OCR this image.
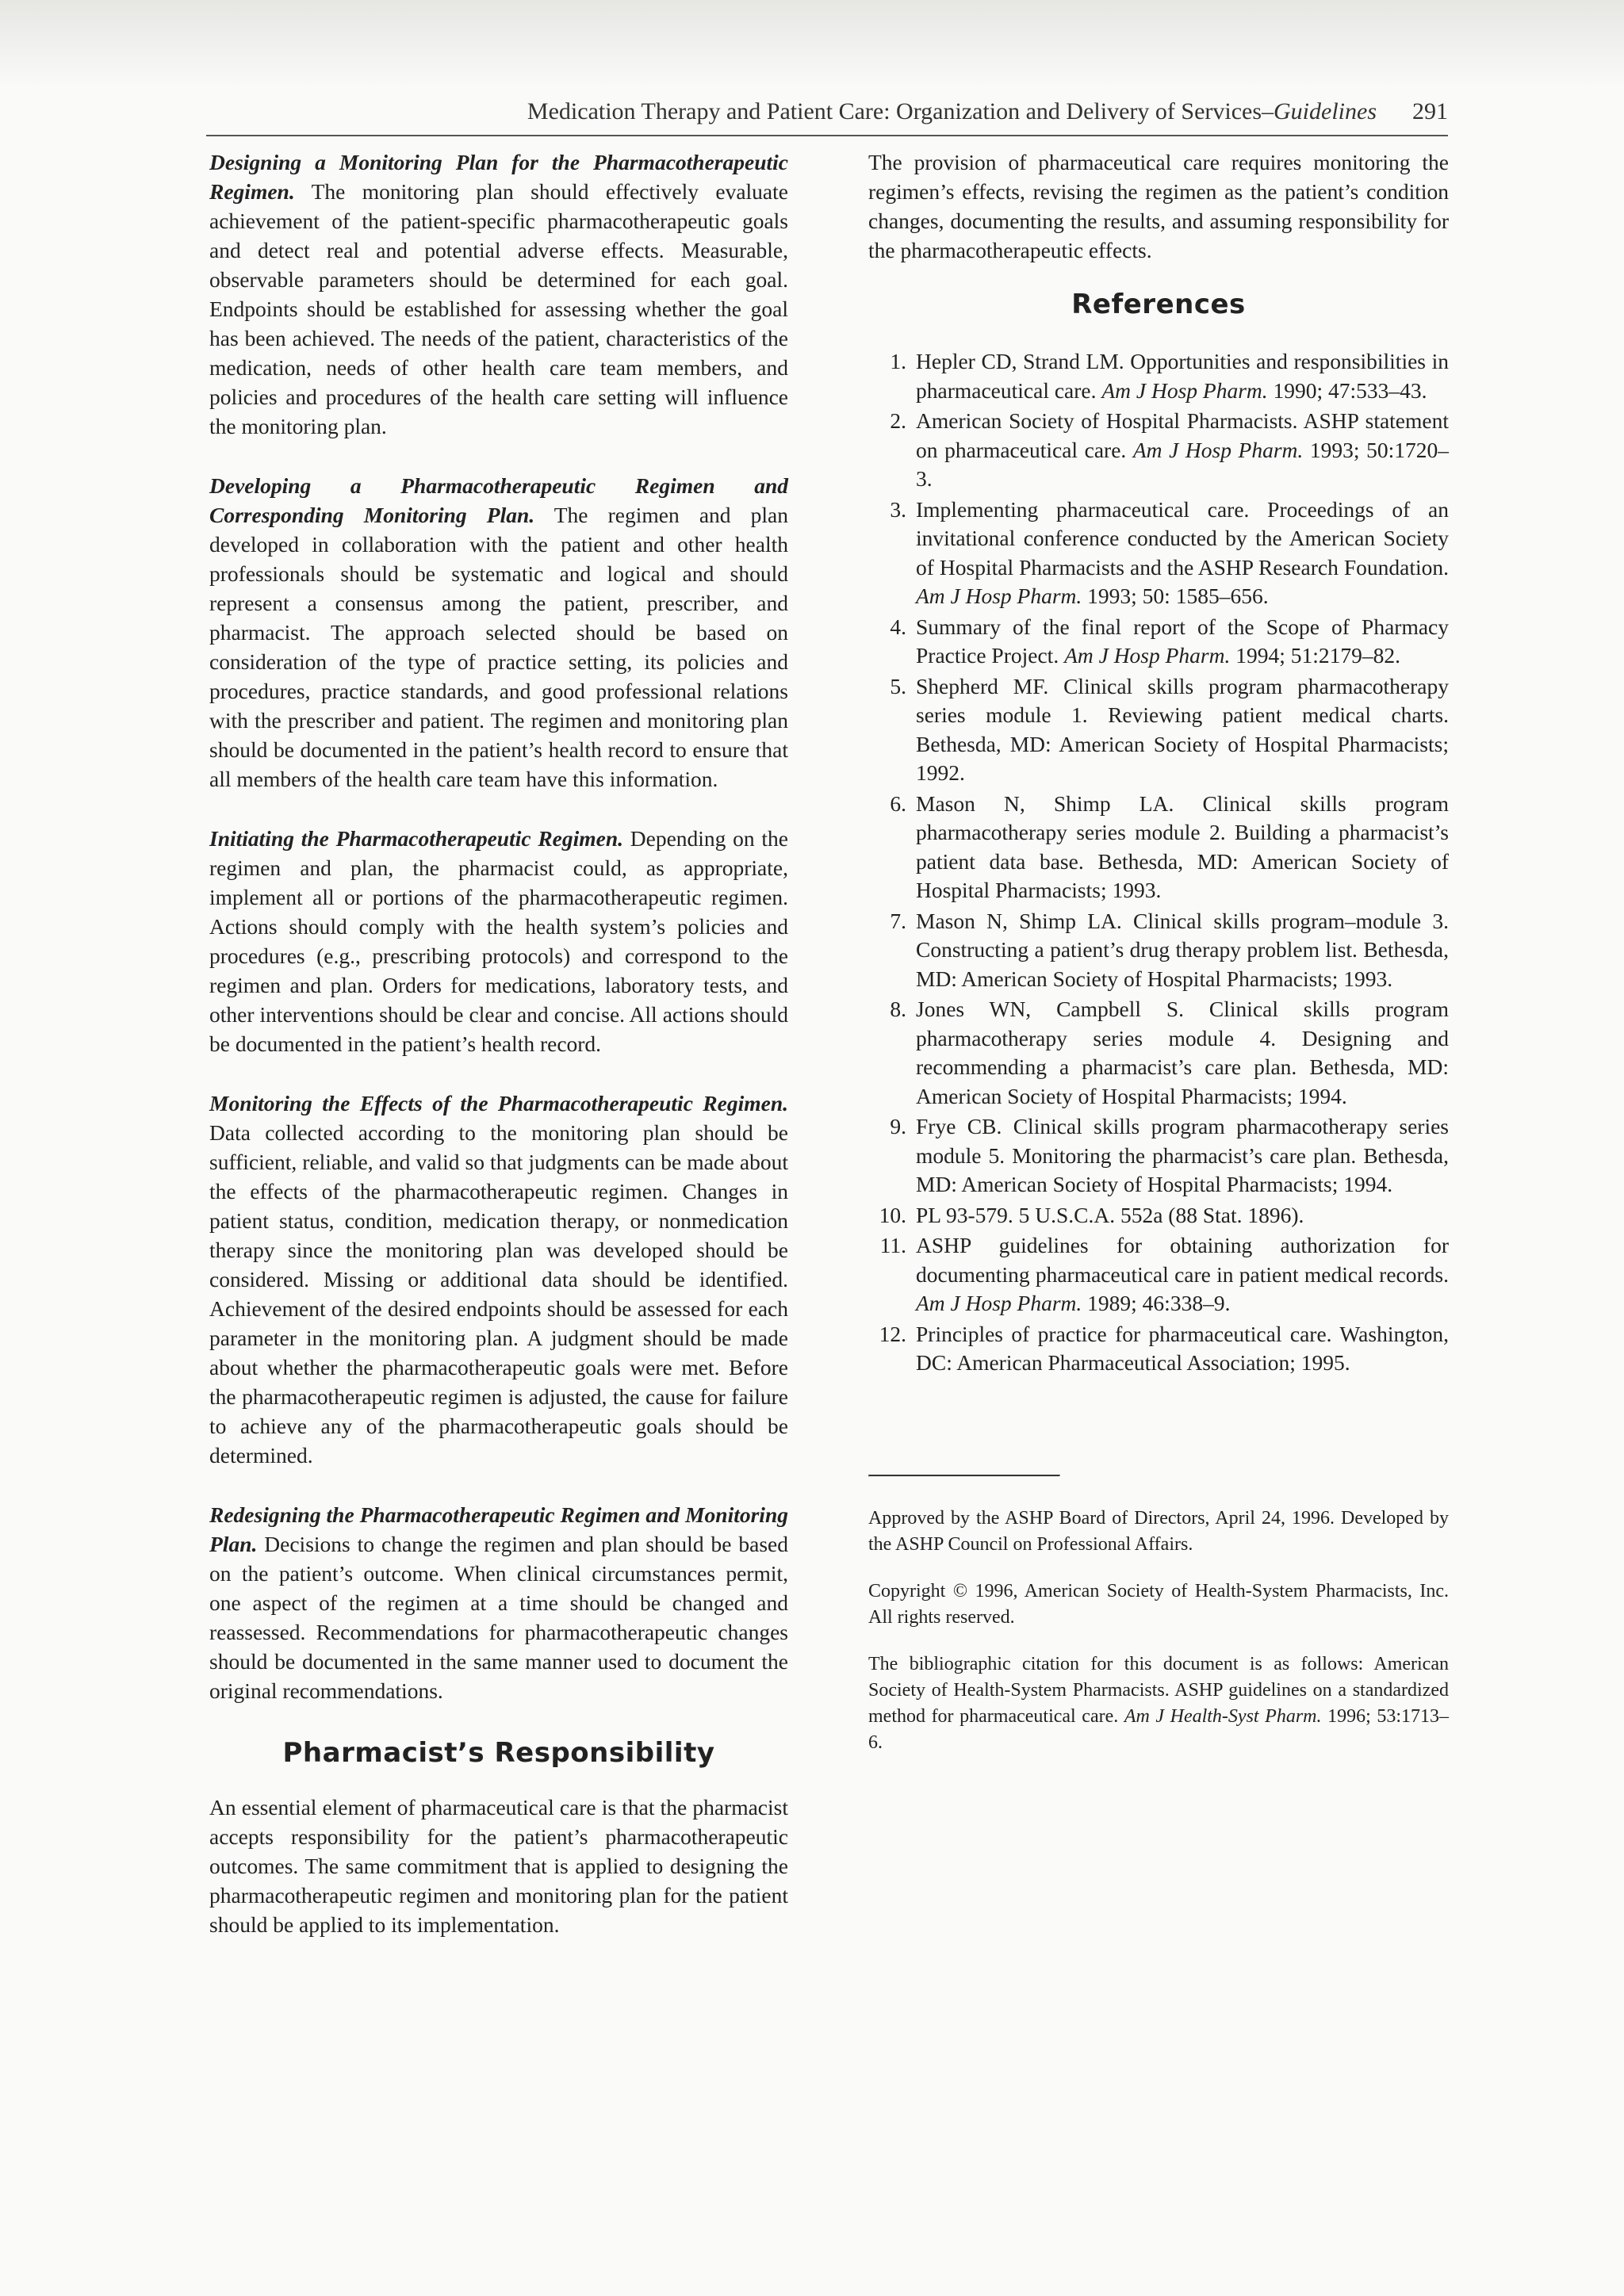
Medication Therapy and Patient Care: Organization and Delivery of Services–Guidelines 291

Designing a Monitoring Plan for the Pharmacotherapeutic Regimen. The monitoring plan should effectively evaluate achievement of the patient-specific pharmacotherapeutic goals and detect real and potential adverse effects. Measurable, observable parameters should be determined for each goal. Endpoints should be established for assessing whether the goal has been achieved. The needs of the patient, characteristics of the medication, needs of other health care team members, and policies and procedures of the health care setting will influence the monitoring plan.

Developing a Pharmacotherapeutic Regimen and Corresponding Monitoring Plan. The regimen and plan developed in collaboration with the patient and other health professionals should be systematic and logical and should represent a consensus among the patient, prescriber, and pharmacist. The approach selected should be based on consideration of the type of practice setting, its policies and procedures, practice standards, and good professional relations with the prescriber and patient. The regimen and monitoring plan should be documented in the patient’s health record to ensure that all members of the health care team have this information.

Initiating the Pharmacotherapeutic Regimen. Depending on the regimen and plan, the pharmacist could, as appropriate, implement all or portions of the pharmacotherapeutic regimen. Actions should comply with the health system’s policies and procedures (e.g., prescribing protocols) and correspond to the regimen and plan. Orders for medications, laboratory tests, and other interventions should be clear and concise. All actions should be documented in the patient’s health record.

Monitoring the Effects of the Pharmacotherapeutic Regimen. Data collected according to the monitoring plan should be sufficient, reliable, and valid so that judgments can be made about the effects of the pharmacotherapeutic regimen. Changes in patient status, condition, medication therapy, or nonmedication therapy since the monitoring plan was developed should be considered. Missing or additional data should be identified. Achievement of the desired endpoints should be assessed for each parameter in the monitoring plan. A judgment should be made about whether the pharmacotherapeutic goals were met. Before the pharmacotherapeutic regimen is adjusted, the cause for failure to achieve any of the pharmacotherapeutic goals should be determined.

Redesigning the Pharmacotherapeutic Regimen and Monitoring Plan. Decisions to change the regimen and plan should be based on the patient’s outcome. When clinical circumstances permit, one aspect of the regimen at a time should be changed and reassessed. Recommendations for pharmacotherapeutic changes should be documented in the same manner used to document the original recommendations.

Pharmacist’s Responsibility

An essential element of pharmaceutical care is that the pharmacist accepts responsibility for the patient’s pharmacotherapeutic outcomes. The same commitment that is applied to designing the pharmacotherapeutic regimen and monitoring plan for the patient should be applied to its implementation.

The provision of pharmaceutical care requires monitoring the regimen’s effects, revising the regimen as the patient’s condition changes, documenting the results, and assuming responsibility for the pharmacotherapeutic effects.

References
1. Hepler CD, Strand LM. Opportunities and responsibilities in pharmaceutical care. Am J Hosp Pharm. 1990; 47:533–43.
2. American Society of Hospital Pharmacists. ASHP statement on pharmaceutical care. Am J Hosp Pharm. 1993; 50:1720–3.
3. Implementing pharmaceutical care. Proceedings of an invitational conference conducted by the American Society of Hospital Pharmacists and the ASHP Research Foundation. Am J Hosp Pharm. 1993; 50: 1585–656.
4. Summary of the final report of the Scope of Pharmacy Practice Project. Am J Hosp Pharm. 1994; 51:2179–82.
5. Shepherd MF. Clinical skills program pharmacotherapy series module 1. Reviewing patient medical charts. Bethesda, MD: American Society of Hospital Pharmacists; 1992.
6. Mason N, Shimp LA. Clinical skills program pharmacotherapy series module 2. Building a pharmacist’s patient data base. Bethesda, MD: American Society of Hospital Pharmacists; 1993.
7. Mason N, Shimp LA. Clinical skills program–module 3. Constructing a patient’s drug therapy problem list. Bethesda, MD: American Society of Hospital Pharmacists; 1993.
8. Jones WN, Campbell S. Clinical skills program pharmacotherapy series module 4. Designing and recommending a pharmacist’s care plan. Bethesda, MD: American Society of Hospital Pharmacists; 1994.
9. Frye CB. Clinical skills program pharmacotherapy series module 5. Monitoring the pharmacist’s care plan. Bethesda, MD: American Society of Hospital Pharmacists; 1994.
10. PL 93-579. 5 U.S.C.A. 552a (88 Stat. 1896).
11. ASHP guidelines for obtaining authorization for documenting pharmaceutical care in patient medical records. Am J Hosp Pharm. 1989; 46:338–9.
12. Principles of practice for pharmaceutical care. Washington, DC: American Pharmaceutical Association; 1995.

Approved by the ASHP Board of Directors, April 24, 1996. Developed by the ASHP Council on Professional Affairs.

Copyright © 1996, American Society of Health-System Pharmacists, Inc. All rights reserved.

The bibliographic citation for this document is as follows: American Society of Health-System Pharmacists. ASHP guidelines on a standardized method for pharmaceutical care. Am J Health-Syst Pharm. 1996; 53:1713–6.
